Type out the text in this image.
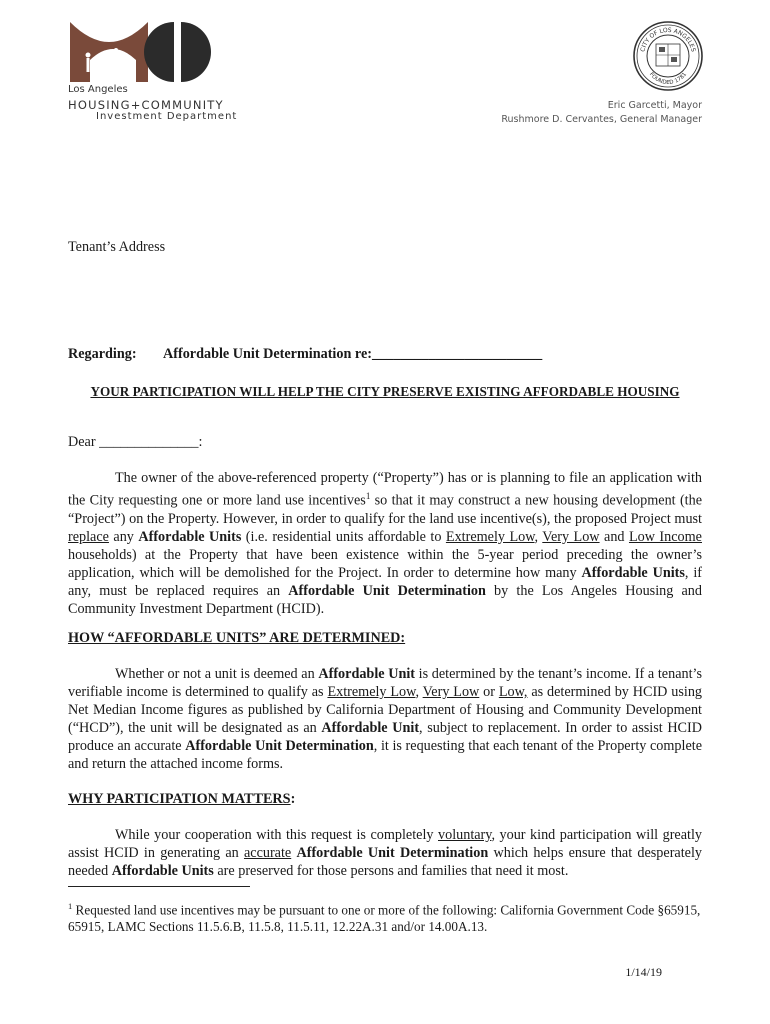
Los Angeles
HOUSING+COMMUNITY
Investment Department
CITY OF LOS ANGELES
FOUNDED 1781
Eric Garcetti, Mayor
Rushmore D. Cervantes, General Manager
Tenant’s Address
Regarding: Affordable Unit Determination re:________________________
YOUR PARTICIPATION WILL HELP THE CITY PRESERVE EXISTING AFFORDABLE HOUSING
Dear ______________:
The owner of the above-referenced property (“Property”) has or is planning to file an application with the City requesting one or more land use incentives$^1$ so that it may construct a new housing development (the “Project”) on the Property. However, in order to qualify for the land use incentive(s), the proposed Project must replace any Affordable Units (i.e. residential units affordable to Extremely Low, Very Low and Low Income households) at the Property that have been existence within the 5-year period preceding the owner’s application, which will be demolished for the Project. In order to determine how many Affordable Units, if any, must be replaced requires an Affordable Unit Determination by the Los Angeles Housing and Community Investment Department (HCID).
HOW “AFFORDABLE UNITS” ARE DETERMINED:
Whether or not a unit is deemed an Affordable Unit is determined by the tenant’s income. If a tenant’s verifiable income is determined to qualify as Extremely Low, Very Low or Low, as determined by HCID using Net Median Income figures as published by California Department of Housing and Community Development (“HCD”), the unit will be designated as an Affordable Unit, subject to replacement. In order to assist HCID produce an accurate Affordable Unit Determination, it is requesting that each tenant of the Property complete and return the attached income forms.
WHY PARTICIPATION MATTERS:
While your cooperation with this request is completely voluntary, your kind participation will greatly assist HCID in generating an accurate Affordable Unit Determination which helps ensure that desperately needed Affordable Units are preserved for those persons and families that need it most.
$^1$ Requested land use incentives may be pursuant to one or more of the following: California Government Code §65915, 65915, LAMC Sections 11.5.6.B, 11.5.8, 11.5.11, 12.22A.31 and/or 14.00A.13.
1/14/19
